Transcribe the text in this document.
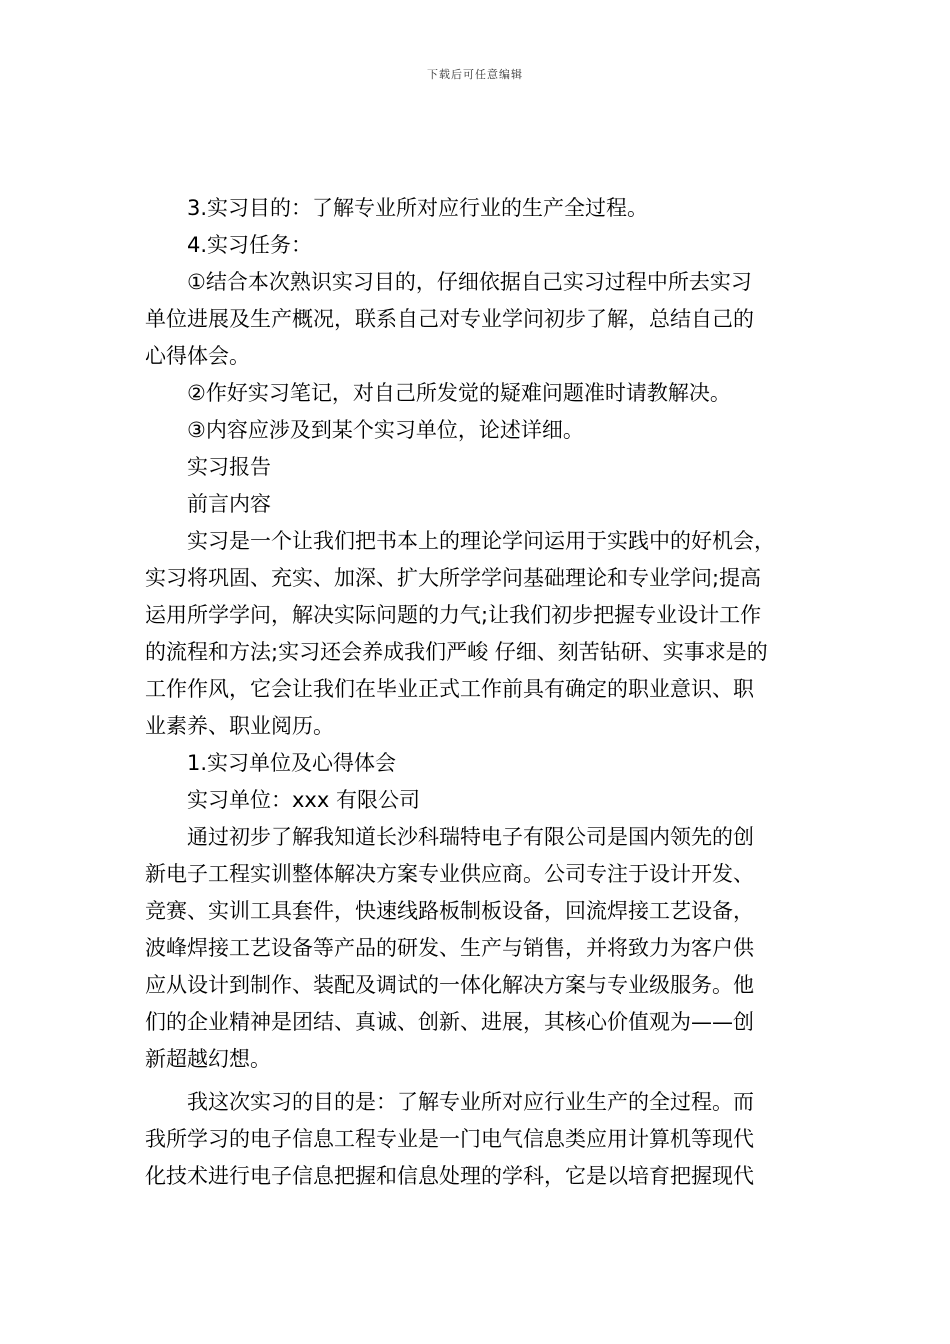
下载后可任意编辑

3.实习目的：了解专业所对应行业的生产全过程。

4.实习任务：

①结合本次熟识实习目的，仔细依据自己实习过程中所去实习
单位进展及生产概况，联系自己对专业学问初步了解，总结自己的
心得体会。

②作好实习笔记，对自己所发觉的疑难问题准时请教解决。

③内容应涉及到某个实习单位，论述详细。

实习报告

前言内容

实习是一个让我们把书本上的理论学问运用于实践中的好机会，
实习将巩固、充实、加深、扩大所学学问基础理论和专业学问;提高
运用所学学问，解决实际问题的力气;让我们初步把握专业设计工作
的流程和方法;实习还会养成我们严峻 仔细、刻苦钻研、实事求是的
工作作风，它会让我们在毕业正式工作前具有确定的职业意识、职
业素养、职业阅历。

1.实习单位及心得体会

实习单位：xxx 有限公司

通过初步了解我知道长沙科瑞特电子有限公司是国内领先的创
新电子工程实训整体解决方案专业供应商。公司专注于设计开发、
竞赛、实训工具套件，快速线路板制板设备，回流焊接工艺设备，
波峰焊接工艺设备等产品的研发、生产与销售，并将致力为客户供
应从设计到制作、装配及调试的一体化解决方案与专业级服务。他
们的企业精神是团结、真诚、创新、进展，其核心价值观为——创
新超越幻想。

我这次实习的目的是：了解专业所对应行业生产的全过程。而
我所学习的电子信息工程专业是一门电气信息类应用计算机等现代
化技术进行电子信息把握和信息处理的学科，它是以培育把握现代
